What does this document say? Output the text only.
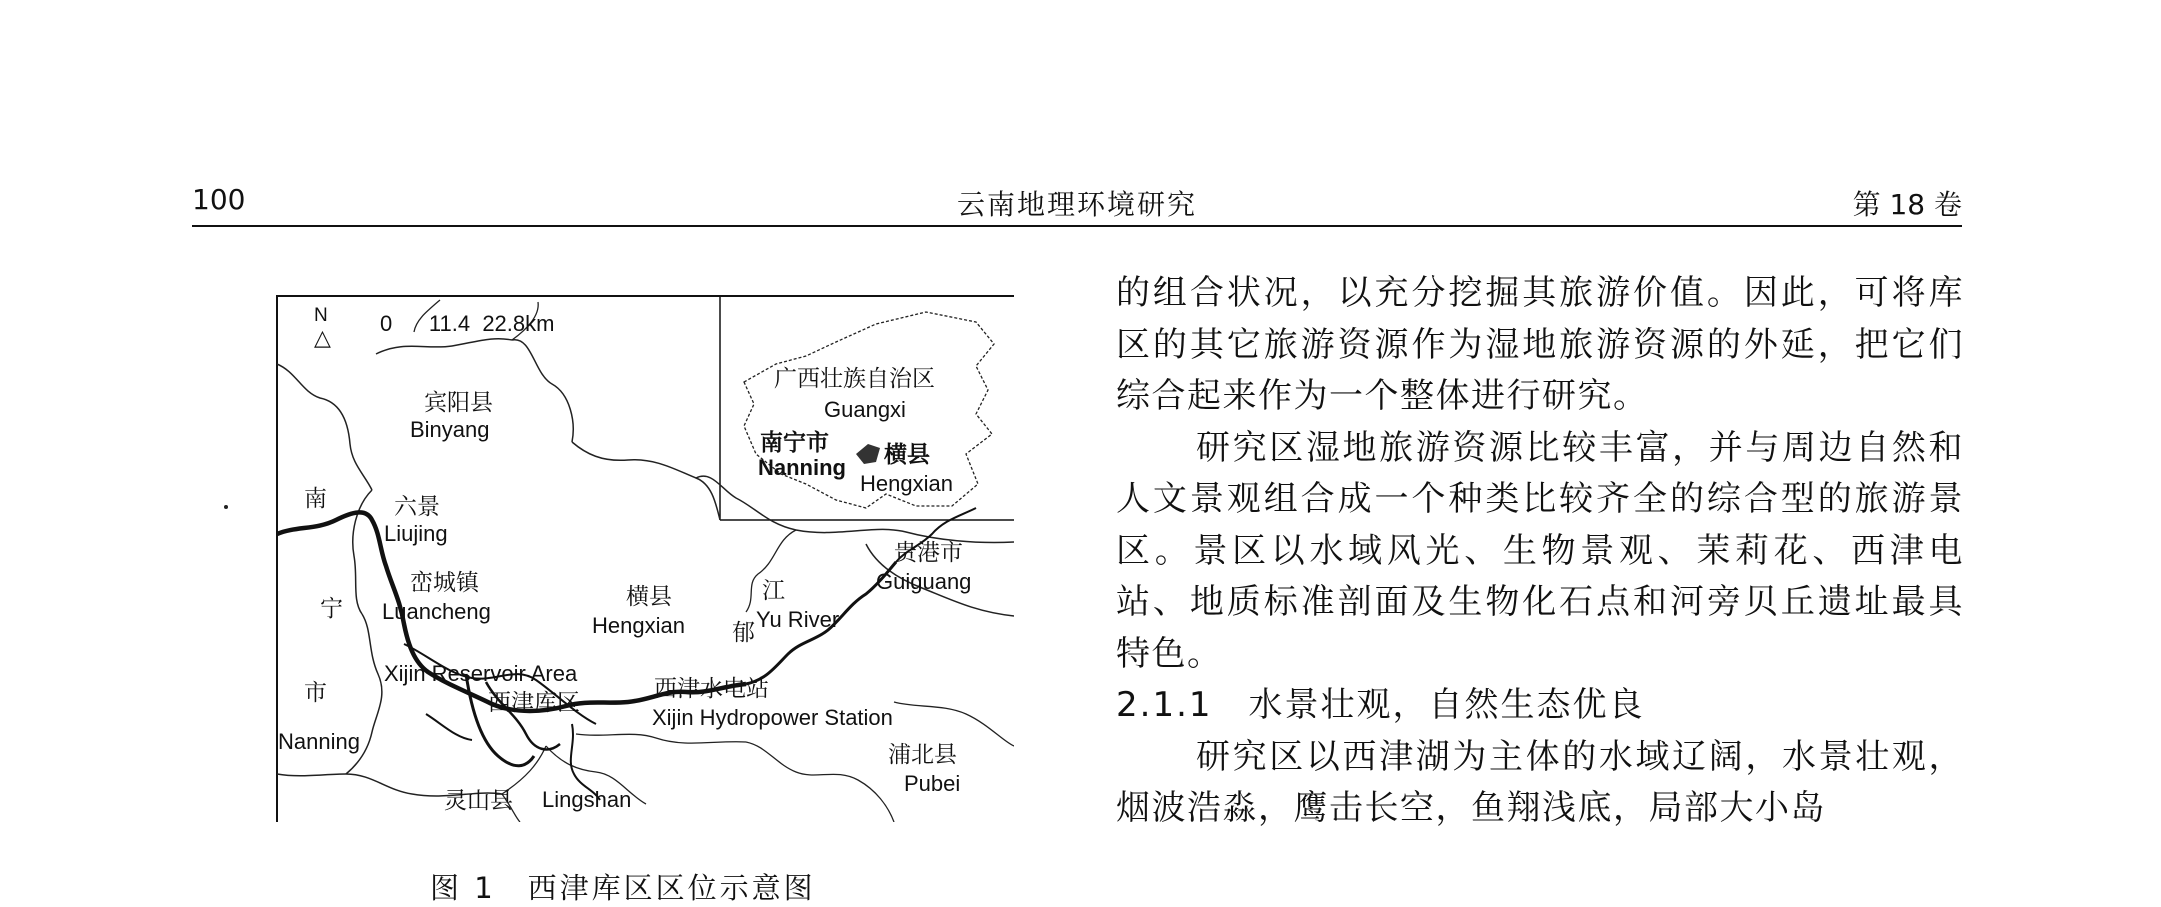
100	云南地理环境研究	第 18 卷
N
△
0      11.4  22.8km
宾阳县
Binyang
广西壮族自治区
Guangxi
南宁市
Nanning
横县
Hengxian
南
宁
市
六景
Liujing
峦城镇
Luancheng
横县
Hengxian 郁
江
Yu River
贵港市
Guiguang
Xijin Reservoir Area
西津库区
西津水电站
Xijin Hydropower Station
Nanning	浦北县
Pubei
灵山县 Lingshan
图 1　西津库区区位示意图

的组合状况，以充分挖掘其旅游价值。因此，可将库区的其它旅游资源作为湿地旅游资源的外延，把它们综合起来作为一个整体进行研究。

研究区湿地旅游资源比较丰富，并与周边自然和人文景观组合成一个种类比较齐全的综合型的旅游景区。景区以水域风光、生物景观、茉莉花、西津电站、地质标准剖面及生物化石点和河旁贝丘遗址最具特色。

2.1.1　水景壮观，自然生态优良

研究区以西津湖为主体的水域辽阔，水景壮观，烟波浩淼，鹰击长空，鱼翔浅底，局部大小岛
